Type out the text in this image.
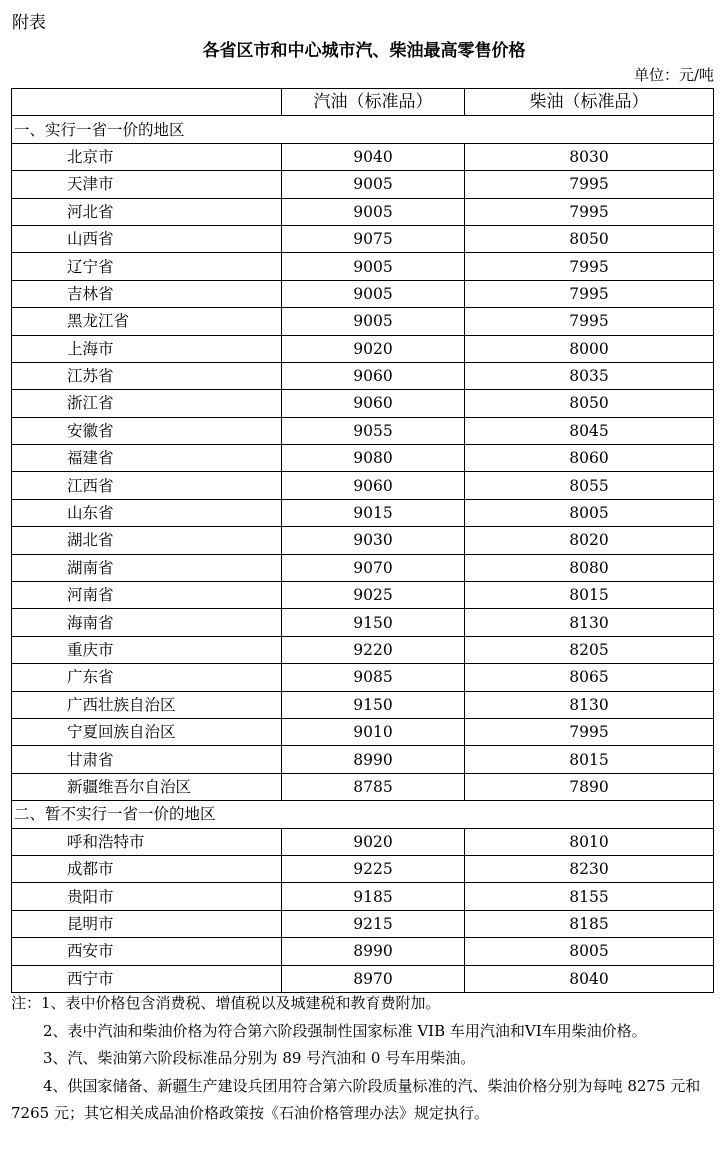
附表
各省区市和中心城市汽、柴油最高零售价格
单位：元/吨
	汽油（标准品）	柴油（标准品）
一、实行一省一价的地区		
北京市	9040	8030
天津市	9005	7995
河北省	9005	7995
山西省	9075	8050
辽宁省	9005	7995
吉林省	9005	7995
黑龙江省	9005	7995
上海市	9020	8000
江苏省	9060	8035
浙江省	9060	8050
安徽省	9055	8045
福建省	9080	8060
江西省	9060	8055
山东省	9015	8005
湖北省	9030	8020
湖南省	9070	8080
河南省	9025	8015
海南省	9150	8130
重庆市	9220	8205
广东省	9085	8065
广西壮族自治区	9150	8130
宁夏回族自治区	9010	7995
甘肃省	8990	8015
新疆维吾尔自治区	8785	7890
二、暂不实行一省一价的地区		
呼和浩特市	9020	8010
成都市	9225	8230
贵阳市	9185	8155
昆明市	9215	8185
西安市	8990	8005
西宁市	8970	8040

注：1、表中价格包含消费税、增值税以及城建税和教育费附加。

2、表中汽油和柴油价格为符合第六阶段强制性国家标准 VIB 车用汽油和VI车用柴油价格。

3、汽、柴油第六阶段标准品分别为 89 号汽油和 0 号车用柴油。

4、供国家储备、新疆生产建设兵团用符合第六阶段质量标准的汽、柴油价格分别为每吨 8275 元和 7265 元；其它相关成品油价格政策按《石油价格管理办法》规定执行。
